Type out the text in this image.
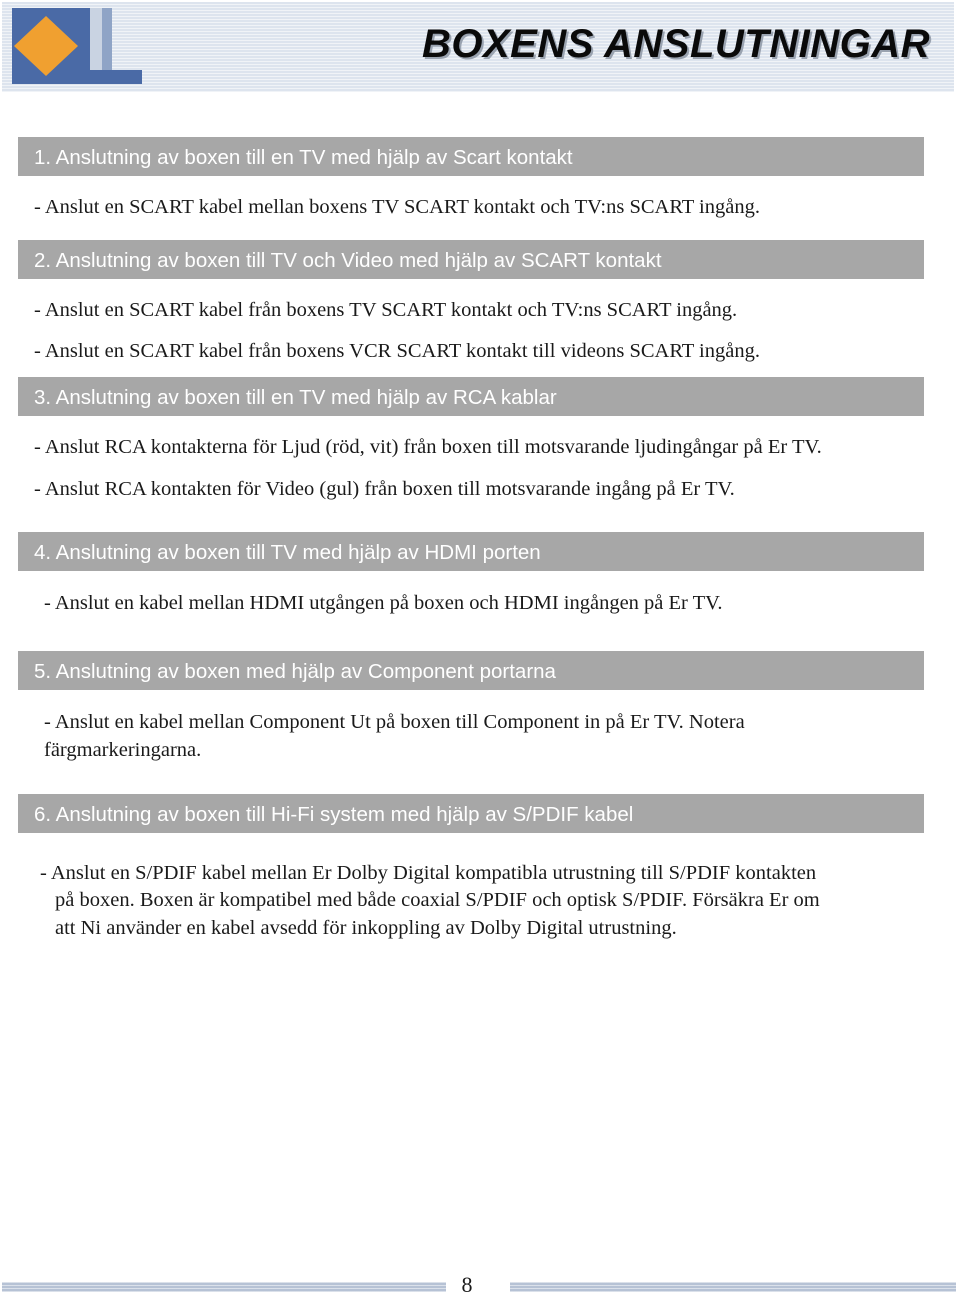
BOXENS ANSLUTNINGAR
1. Anslutning av boxen till en TV med hjälp av Scart kontakt

- Anslut en SCART kabel mellan boxens TV SCART kontakt och TV:ns SCART ingång.

2. Anslutning av boxen till TV och Video med hjälp av SCART kontakt

- Anslut en SCART kabel från boxens TV SCART kontakt och TV:ns SCART ingång.

- Anslut en SCART kabel från boxens VCR SCART kontakt till videons SCART ingång.

3. Anslutning av boxen till en TV med hjälp av RCA kablar

- Anslut RCA kontakterna för Ljud (röd, vit) från boxen till motsvarande ljudingångar på Er TV.

- Anslut RCA kontakten för Video (gul) från boxen till motsvarande ingång på Er TV.

4. Anslutning av boxen till TV med hjälp av HDMI porten

- Anslut en kabel mellan HDMI utgången på boxen och HDMI ingången på Er TV.

5. Anslutning av boxen med hjälp av Component portarna

- Anslut en kabel mellan Component Ut på boxen till Component in på Er TV. Notera färgmarkeringarna.

6. Anslutning av boxen till Hi-Fi system med hjälp av S/PDIF kabel

- Anslut en S/PDIF kabel mellan Er Dolby Digital kompatibla utrustning till S/PDIF kontakten

på boxen. Boxen är kompatibel med både coaxial S/PDIF och optisk S/PDIF. Försäkra Er om

att Ni använder en kabel avsedd för inkoppling av Dolby Digital utrustning.

8
